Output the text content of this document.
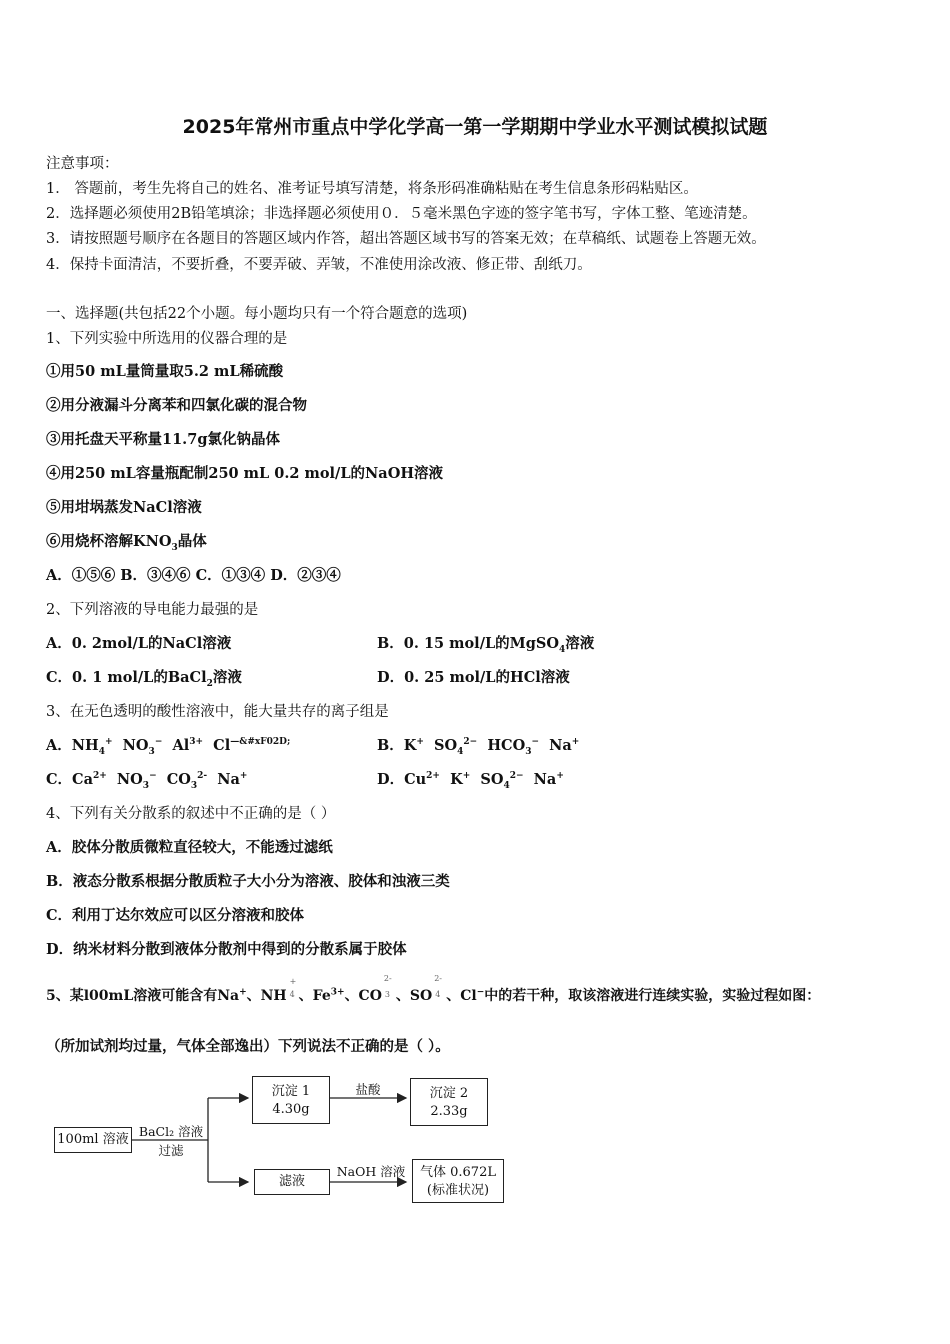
2025年常州市重点中学化学高一第一学期期中学业水平测试模拟试题
注意事项：
1． 答题前，考生先将自己的姓名、准考证号填写清楚，将条形码准确粘贴在考生信息条形码粘贴区。
2．选择题必须使用2B铅笔填涂；非选择题必须使用０．５毫米黑色字迹的签字笔书写，字体工整、笔迹清楚。
3．请按照题号顺序在各题目的答题区域内作答，超出答题区域书写的答案无效；在草稿纸、试题卷上答题无效。
4．保持卡面清洁，不要折叠，不要弄破、弄皱，不准使用涂改液、修正带、刮纸刀。
一、选择题(共包括22个小题。每小题均只有一个符合题意的选项)
1、下列实验中所选用的仪器合理的是
①用50 mL量筒量取5.2 mL稀硫酸
②用分液漏斗分离苯和四氯化碳的混合物
③用托盘天平称量11.7g氯化钠晶体
④用250 mL容量瓶配制250 mL 0.2 mol/L的NaOH溶液
⑤用坩埚蒸发NaCl溶液
⑥用烧杯溶解$KNO_3$晶体
A．①⑤⑥ B．③④⑥ C．①③④ D．②③④
2、下列溶液的导电能力最强的是
A．0. 2mol/L的NaCl溶液	B．0. 15 mol/L的MgSO$_4$溶液
C．0. 1 mol/L的BaCl$_2$溶液	D．0. 25 mol/L的HCl溶液
3、在无色透明的酸性溶液中，能大量共存的离子组是
A．$NH_4^+$ $NO_3^-$ $Al^{3+}$ $Cl^{—\&\#xF02D;}$	B．K+ $SO_4^{2-}$ $HCO_3^-$ Na+
C．$Ca^{2+}$ $NO_3^-$ $CO_3^{2-}$ Na+	D．$Cu^{2+}$ K+ $SO_4^{2-}$ Na+
4、下列有关分散系的叙述中不正确的是（ ）
A．胶体分散质微粒直径较大，不能透过滤纸
B．液态分散系根据分散质粒子大小分为溶液、胶体和浊液三类
C．利用丁达尔效应可以区分溶液和胶体
D．纳米材料分散到液体分散剂中得到的分散系属于胶体
5、某l00mL溶液可能含有Na+、NH
+
4 、$Fe^{3+}$、CO
2-
3 、SO
2-
4 、Cl−中的若干种，取该溶液进行连续实验，实验过程如图：
（所加试剂均过量，气体全部逸出）下列说法不正确的是（ ）。
100ml 溶液
BaCl₂ 溶液
过滤
沉淀 1
4.30g
盐酸	沉淀 2
2.33g
滤液
NaOH 溶液	气体 0.672L
(标准状况)
